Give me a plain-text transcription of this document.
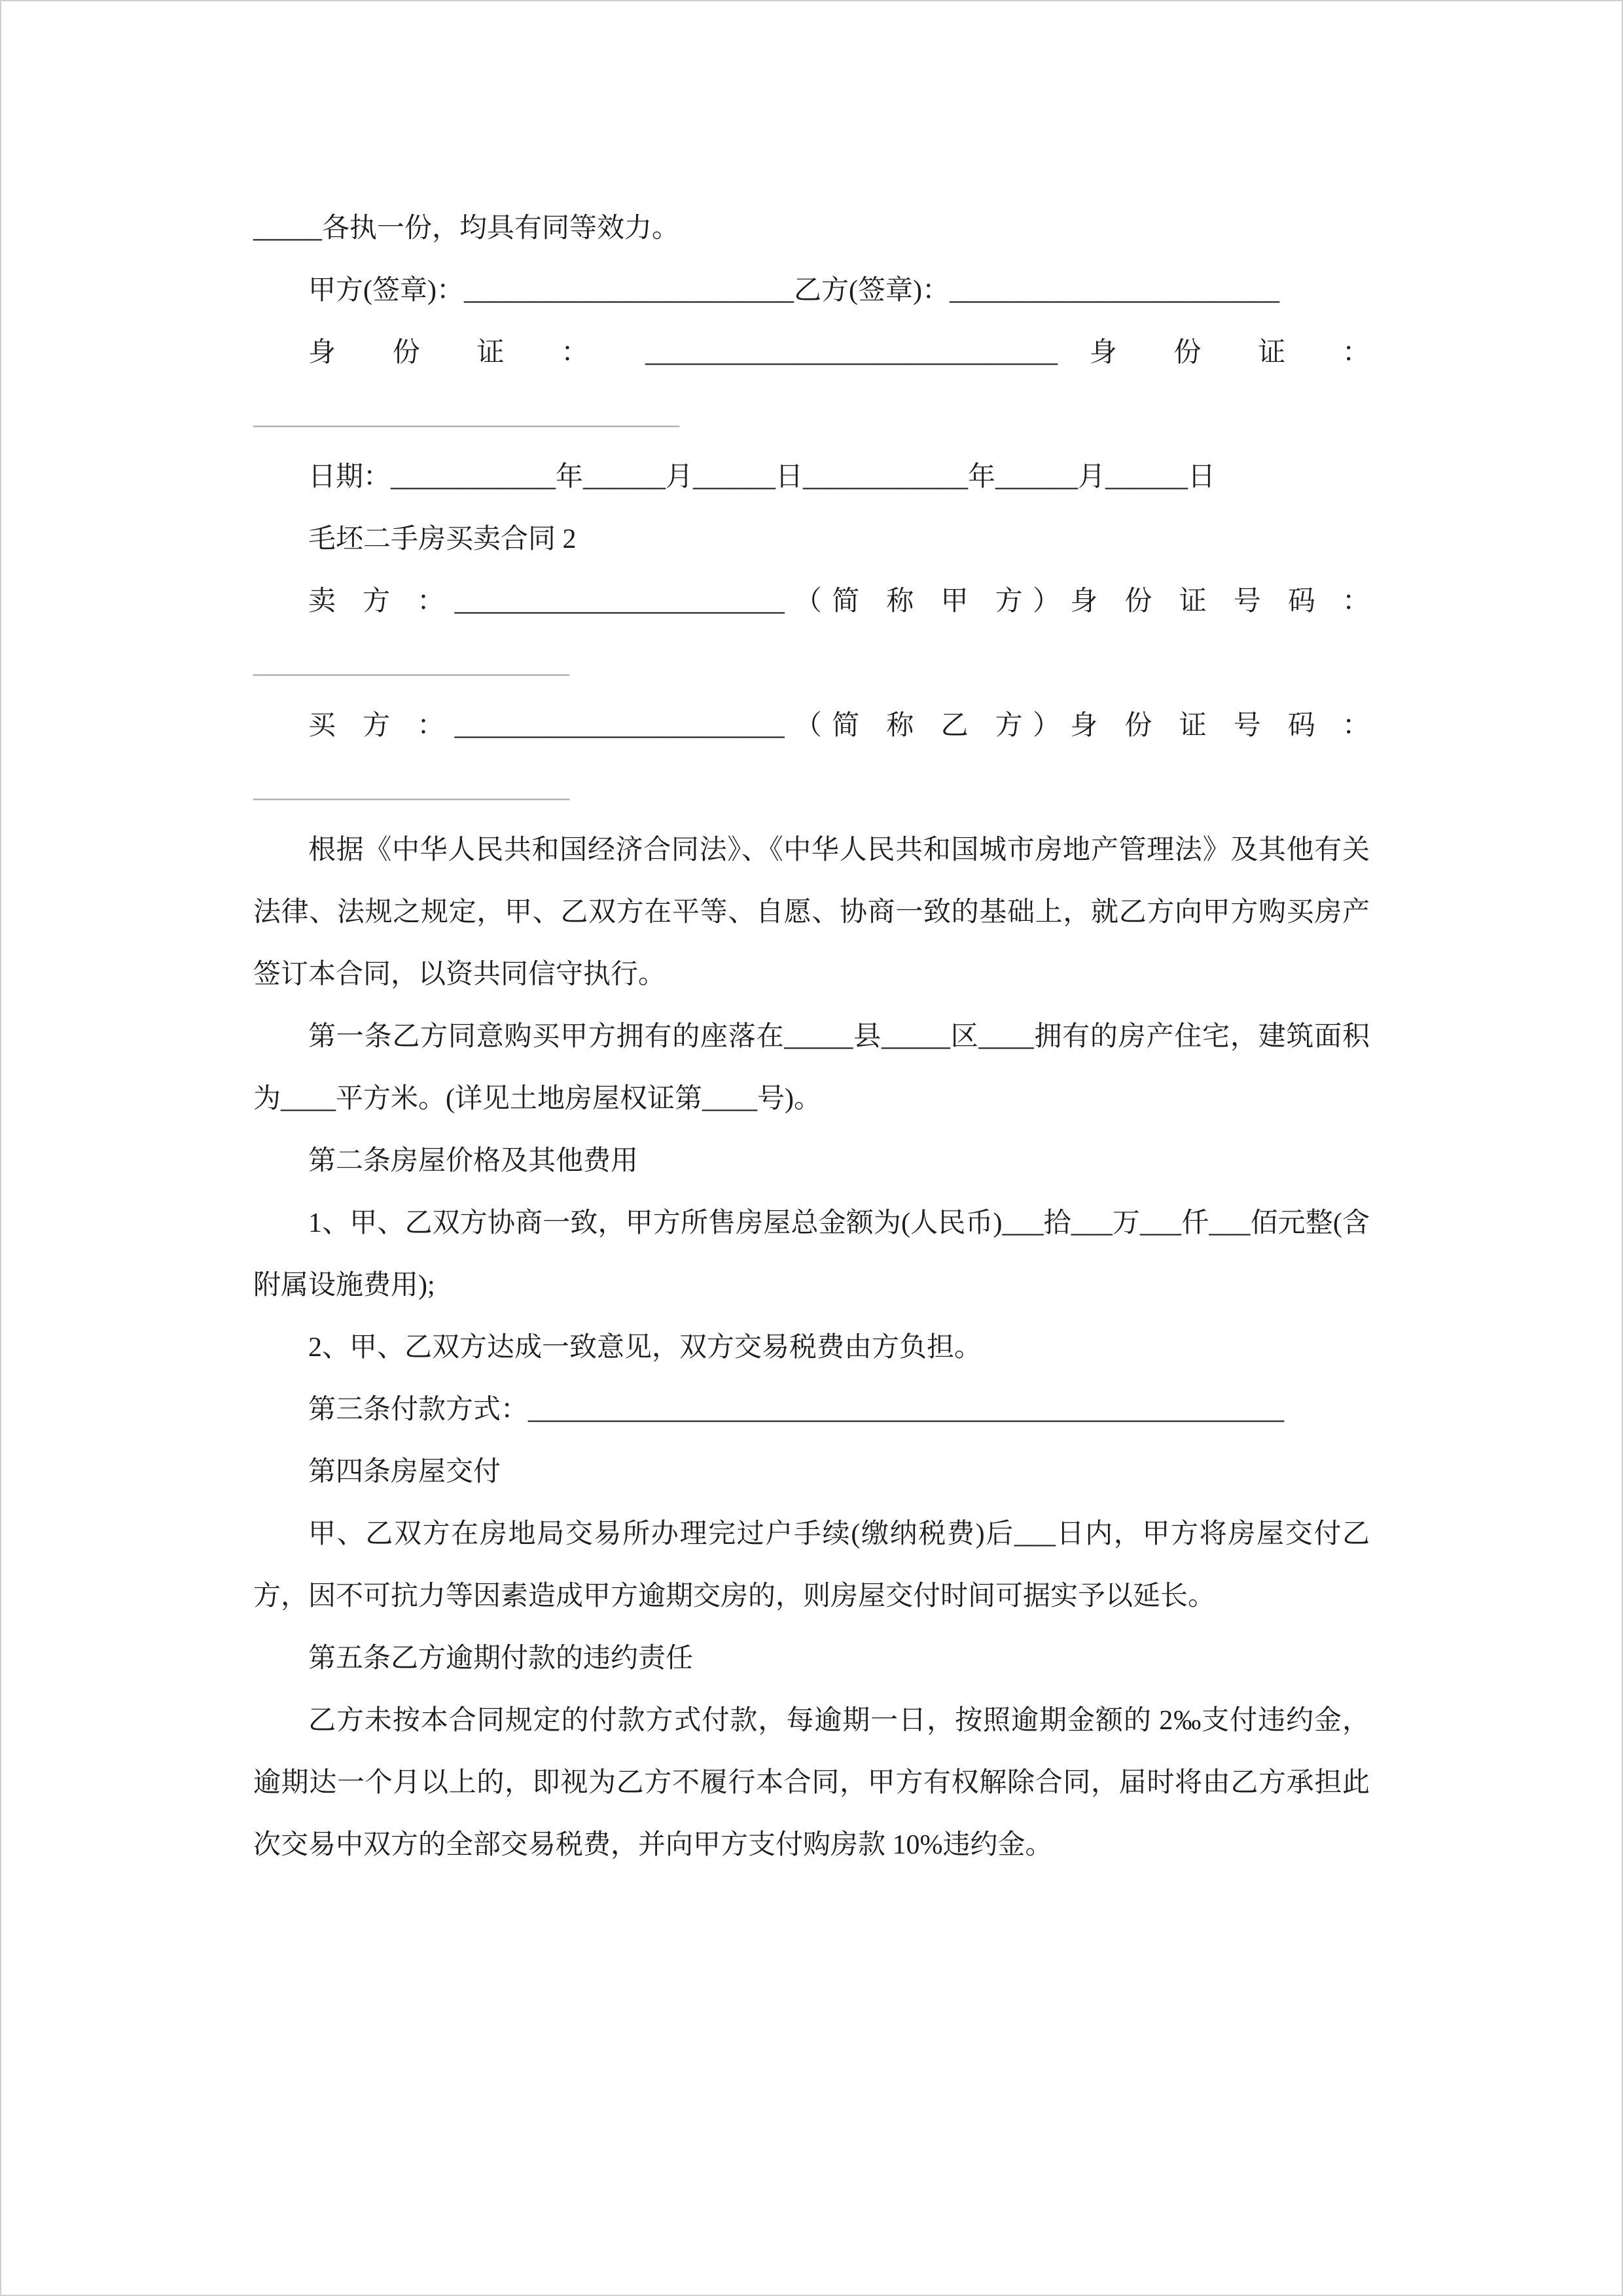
_____各执一份，均具有同等效力。

甲方(签章)：________________________乙方(签章)：________________________

身 份 证 ： ______________________________ 身 份 证 ：

_______________________________

日期：____________年______月______日____________年______月______日

毛坯二手房买卖合同 2

卖 方 ：________________________（简 称 甲 方）身 份 证 号 码 ：

_______________________

买 方 ：________________________（简 称 乙 方）身 份 证 号 码 ：

_______________________

根据《中华人民共和国经济合同法》、《中华人民共和国城市房地产管理法》及其他有关法律、法规之规定，甲、乙双方在平等、自愿、协商一致的基础上，就乙方向甲方购买房产签订本合同，以资共同信守执行。

第一条乙方同意购买甲方拥有的座落在_____县_____区____拥有的房产住宅，建筑面积为____平方米。(详见土地房屋权证第____号)。

第二条房屋价格及其他费用

1、甲、乙双方协商一致，甲方所售房屋总金额为(人民币)___拾___万___仟___佰元整(含附属设施费用);

2、甲、乙双方达成一致意见，双方交易税费由方负担。

第三条付款方式：_______________________________________________________

第四条房屋交付

甲、乙双方在房地局交易所办理完过户手续(缴纳税费)后___日内，甲方将房屋交付乙方，因不可抗力等因素造成甲方逾期交房的，则房屋交付时间可据实予以延长。

第五条乙方逾期付款的违约责任

乙方未按本合同规定的付款方式付款，每逾期一日，按照逾期金额的 2‰支付违约金，逾期达一个月以上的，即视为乙方不履行本合同，甲方有权解除合同，届时将由乙方承担此次交易中双方的全部交易税费，并向甲方支付购房款 10%违约金。
